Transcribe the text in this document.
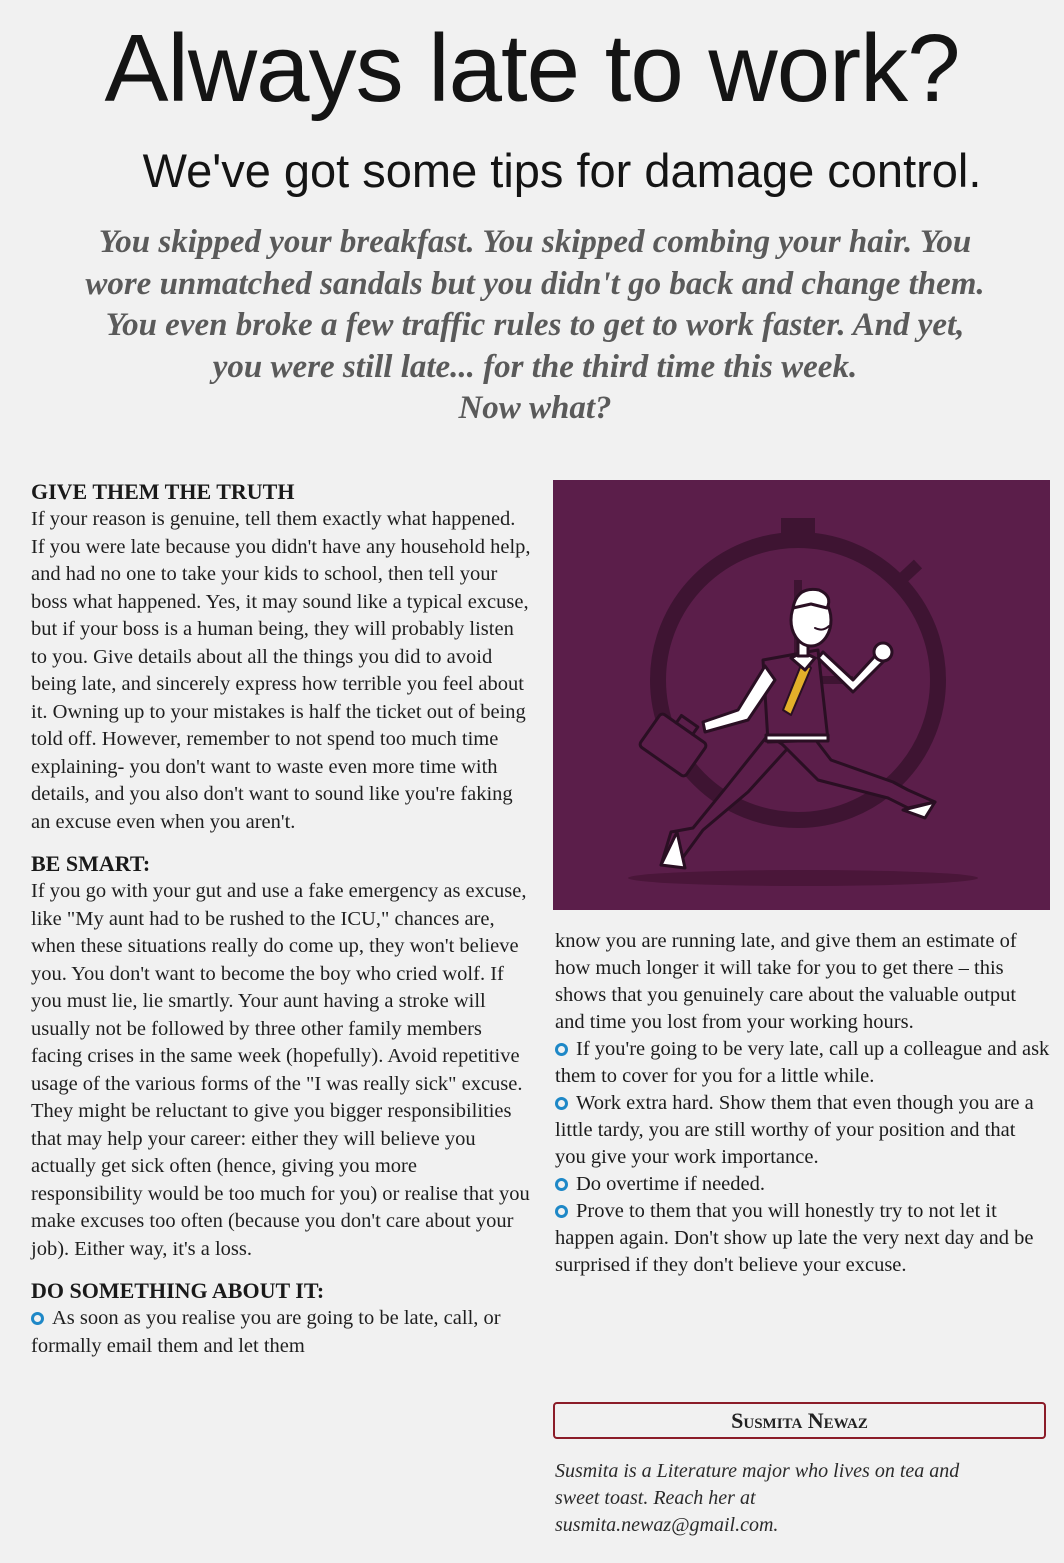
Always late to work?
We've got some tips for damage control.

You skipped your breakfast. You skipped combing your hair. You

wore unmatched sandals but you didn't go back and change them.

You even broke a few traffic rules to get to work faster. And yet,

you were still late... for the third time this week.

Now what?

GIVE THEM THE TRUTH

If your reason is genuine, tell them exactly what happened. If you were late because you didn't have any household help, and had no one to take your kids to school, then tell your boss what happened. Yes, it may sound like a typical excuse, but if your boss is a human being, they will probably listen to you. Give details about all the things you did to avoid being late, and sincerely express how terrible you feel about it. Owning up to your mistakes is half the ticket out of being told off. However, remember to not spend too much time explaining- you don't want to waste even more time with details, and you also don't want to sound like you're faking an excuse even when you aren't.

BE SMART:

If you go with your gut and use a fake emergency as excuse, like "My aunt had to be rushed to the ICU," chances are, when these situations really do come up, they won't believe you. You don't want to become the boy who cried wolf. If you must lie, lie smartly. Your aunt having a stroke will usually not be followed by three other family members facing crises in the same week (hopefully). Avoid repetitive usage of the various forms of the "I was really sick" excuse. They might be reluctant to give you bigger responsibilities that may help your career: either they will believe you actually get sick often (hence, giving you more responsibility would be too much for you) or realise that you make excuses too often (because you don't care about your job). Either way, it's a loss.

DO SOMETHING ABOUT IT:

As soon as you realise you are going to be late, call, or formally email them and let them

know you are running late, and give them an estimate of how much longer it will take for you to get there – this shows that you genuinely care about the valuable output and time you lost from your working hours.

If you're going to be very late, call up a colleague and ask them to cover for you for a little while.

Work extra hard. Show them that even though you are a little tardy, you are still worthy of your position and that you give your work importance.

Do overtime if needed.

Prove to them that you will honestly try to not let it happen again. Don't show up late the very next day and be surprised if they don't believe your excuse.

Susmita Newaz

Susmita is a Literature major who lives on tea and

sweet toast. Reach her at

susmita.newaz@gmail.com.
